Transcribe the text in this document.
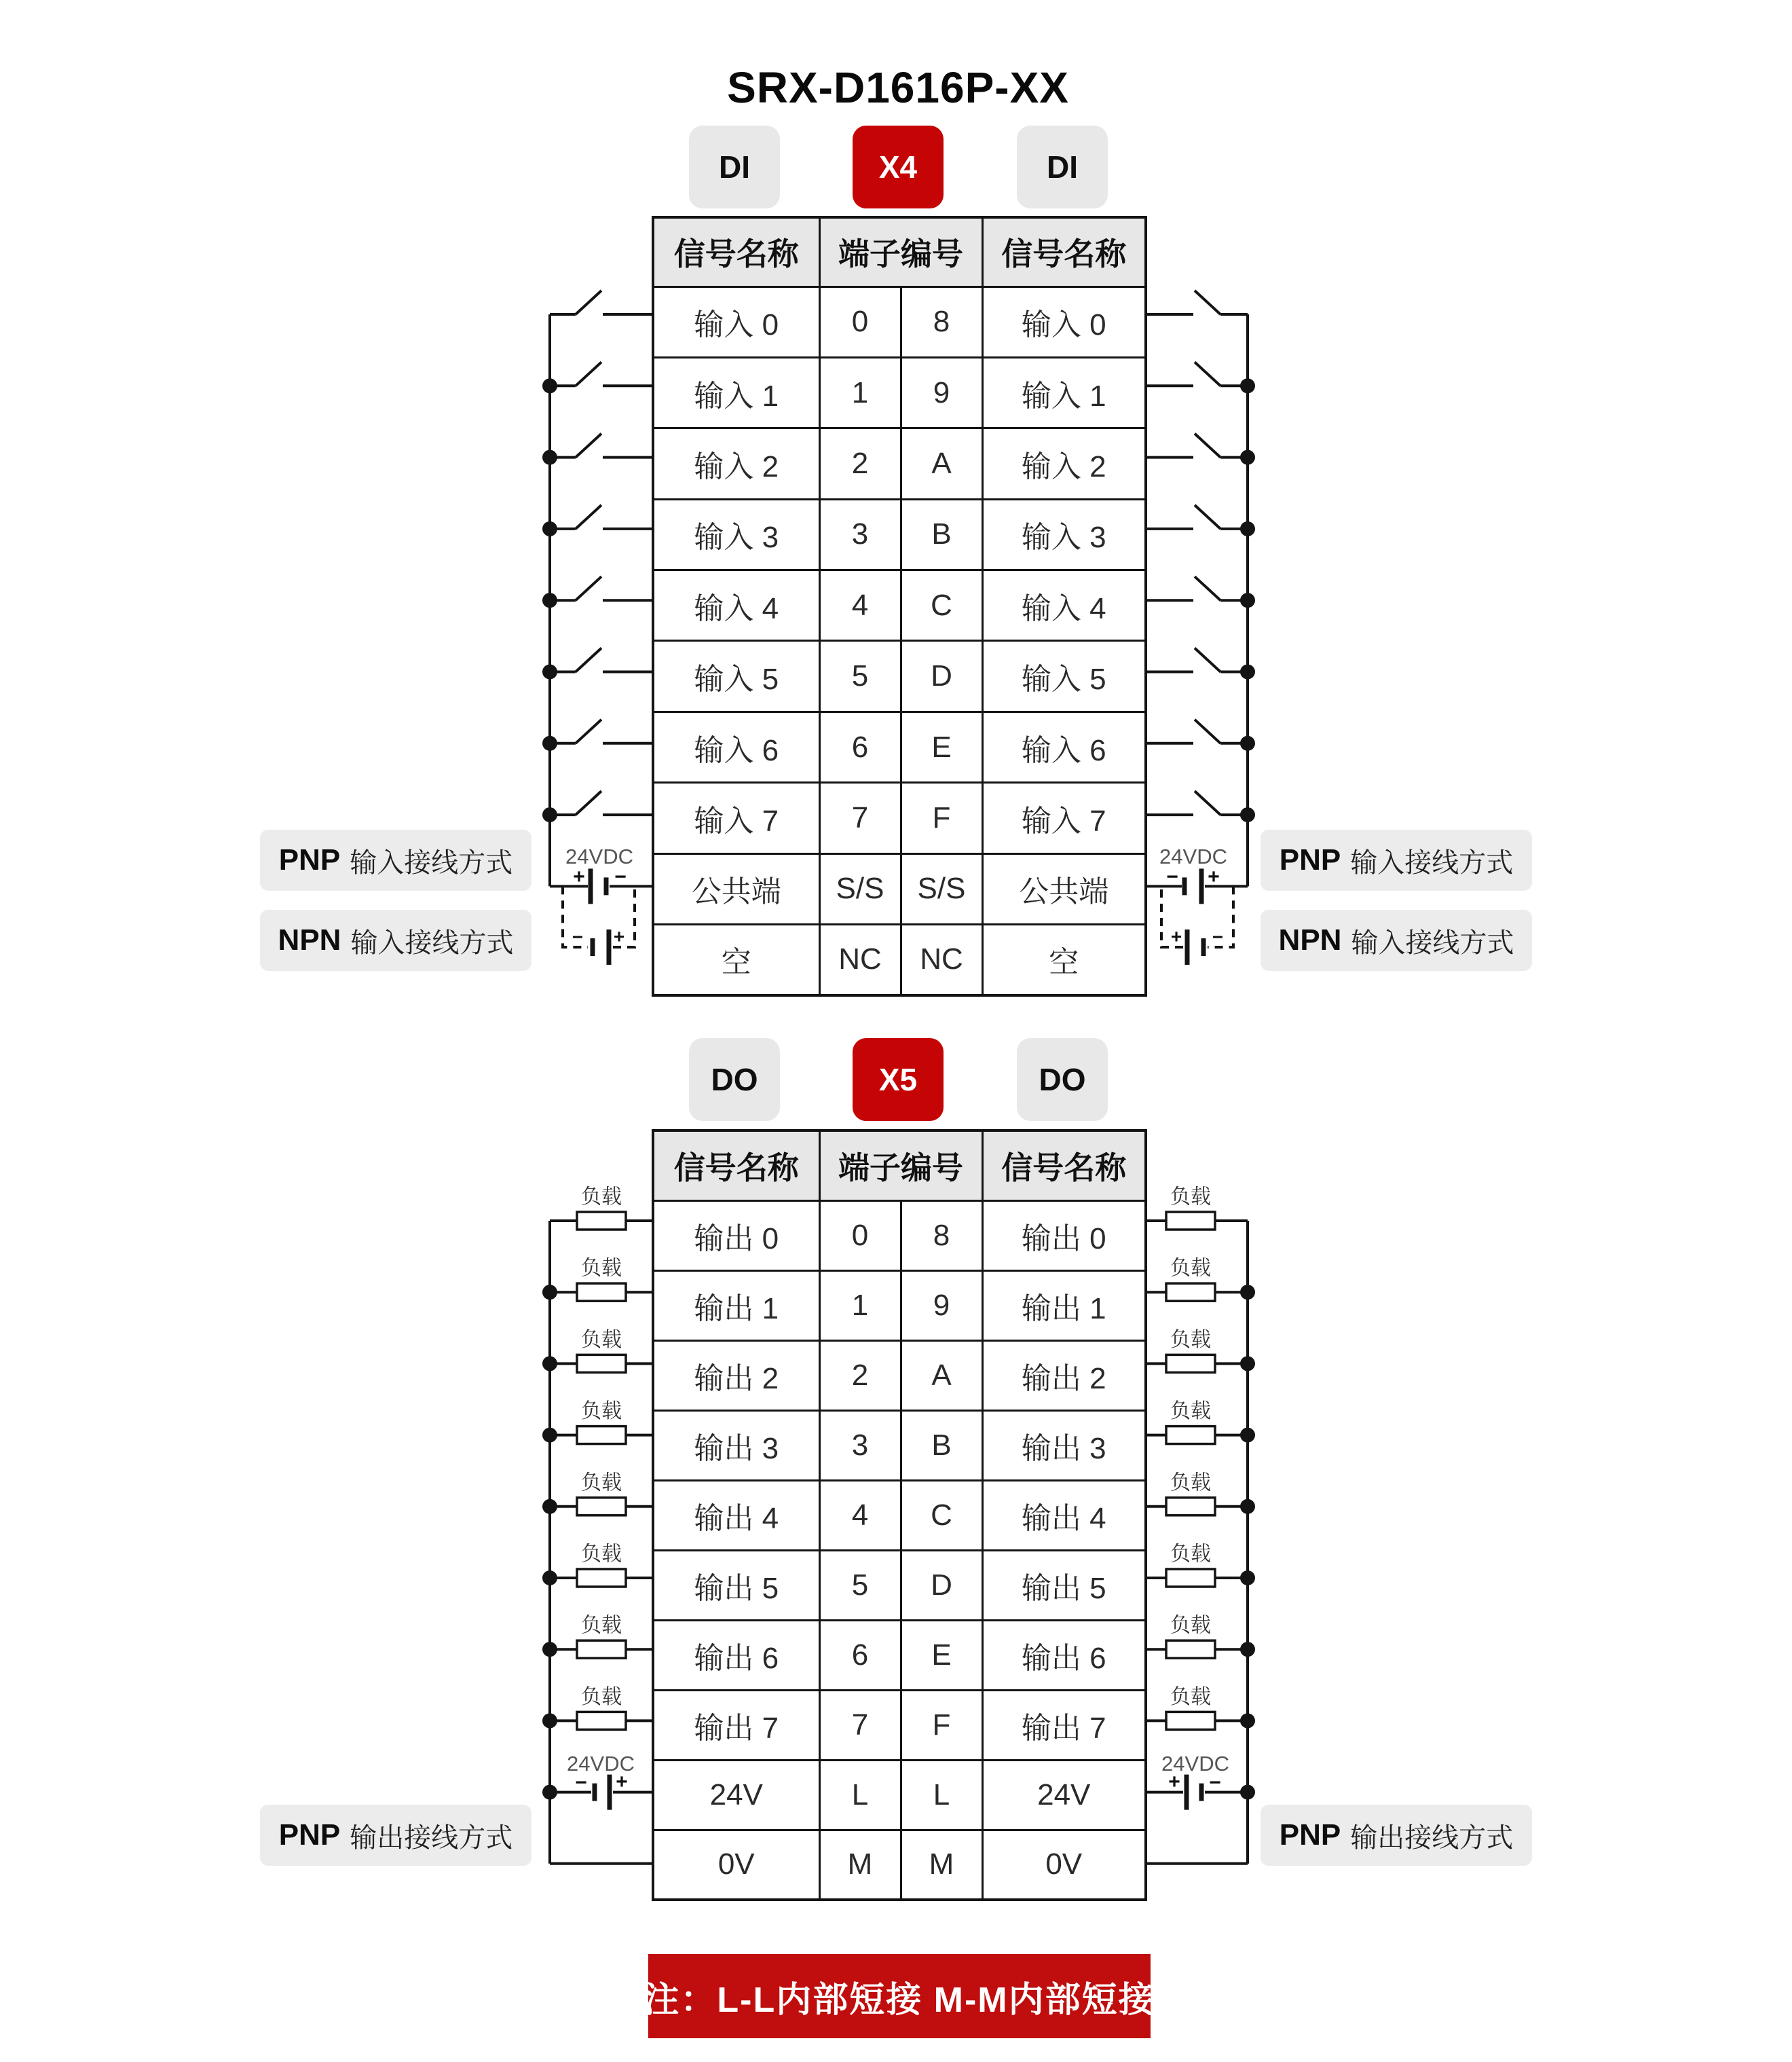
+ −
24VDC
− +
24VDC
− +	+ −
负载	负载
负载	负载
负载	负载
负载	负载
负载	负载
负载	负载
负载	负载
负载	负载
− +
24VDC
+ −
24VDC
SRX-D1616P-XX
DI	X4	DI
信号名称	端子编号		信号名称
输入 0	0	8	输入 0
输入 1	1	9	输入 1
输入 2	2	A	输入 2
输入 3	3	B	输入 3
输入 4	4	C	输入 4
输入 5	5	D	输入 5
输入 6	6	E	输入 6
输入 7	7	F	输入 7
公共端	S/S	S/S	公共端
空	NC	NC	空
PNP 输入接线方式
NPN 输入接线方式
PNP 输入接线方式
NPN 输入接线方式
DO	X5	DO
信号名称	端子编号		信号名称
输出 0	0	8	输出 0
输出 1	1	9	输出 1
输出 2	2	A	输出 2
输出 3	3	B	输出 3
输出 4	4	C	输出 4
输出 5	5	D	输出 5
输出 6	6	E	输出 6
输出 7	7	F	输出 7
24V	L	L	24V
0V	M	M	0V
PNP 输出接线方式	PNP 输出接线方式
注：L-L内部短接 M-M内部短接
